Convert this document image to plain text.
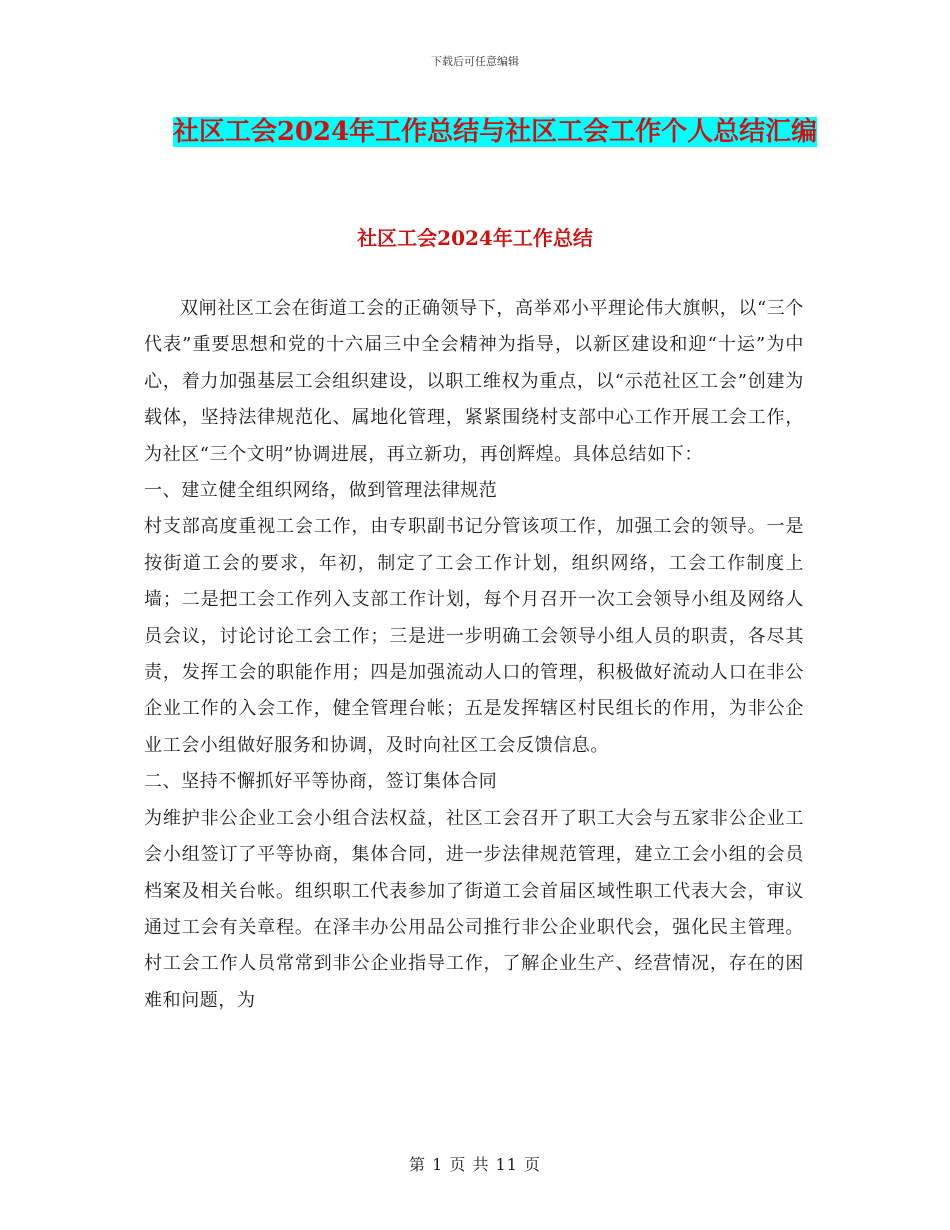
下载后可任意编辑
社区工会2024年工作总结与社区工会工作个人总结汇编
社区工会2024年工作总结

双闸社区工会在街道工会的正确领导下，高举邓小平理论伟大旗帜，以“三个代表”重要思想和党的十六届三中全会精神为指导，以新区建设和迎“十运”为中心，着力加强基层工会组织建设，以职工维权为重点，以“示范社区工会”创建为载体，坚持法律规范化、属地化管理，紧紧围绕村支部中心工作开展工会工作，为社区“三个文明”协调进展，再立新功，再创辉煌。具体总结如下：

一、建立健全组织网络，做到管理法律规范

村支部高度重视工会工作，由专职副书记分管该项工作，加强工会的领导。一是按街道工会的要求，年初，制定了工会工作计划，组织网络，工会工作制度上墙；二是把工会工作列入支部工作计划，每个月召开一次工会领导小组及网络人员会议，讨论讨论工会工作；三是进一步明确工会领导小组人员的职责，各尽其责，发挥工会的职能作用；四是加强流动人口的管理，积极做好流动人口在非公企业工作的入会工作，健全管理台帐；五是发挥辖区村民组长的作用，为非公企业工会小组做好服务和协调，及时向社区工会反馈信息。

二、坚持不懈抓好平等协商，签订集体合同

为维护非公企业工会小组合法权益，社区工会召开了职工大会与五家非公企业工会小组签订了平等协商，集体合同，进一步法律规范管理，建立工会小组的会员档案及相关台帐。组织职工代表参加了街道工会首届区域性职工代表大会，审议通过工会有关章程。在泽丰办公用品公司推行非公企业职代会，强化民主管理。村工会工作人员常常到非公企业指导工作，了解企业生产、经营情况，存在的困难和问题，为

第 1 页 共 11 页
